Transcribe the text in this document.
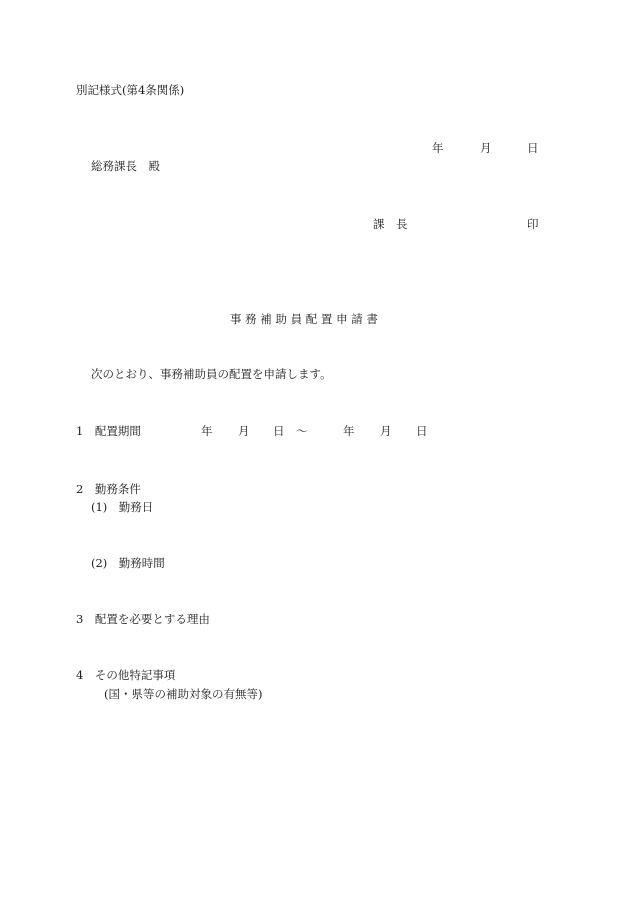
別記様式(第4条関係)
年	月	日
総務課長　殿
課　長	印
事 務 補 助 員 配 置 申 請 書
次のとおり、事務補助員の配置を申請します。
1　配置期間	年 月 日 〜	年 月 日
2　勤務条件
(1)　勤務日
(2)　勤務時間
3　配置を必要とする理由
4　その他特記事項
(国・県等の補助対象の有無等)
